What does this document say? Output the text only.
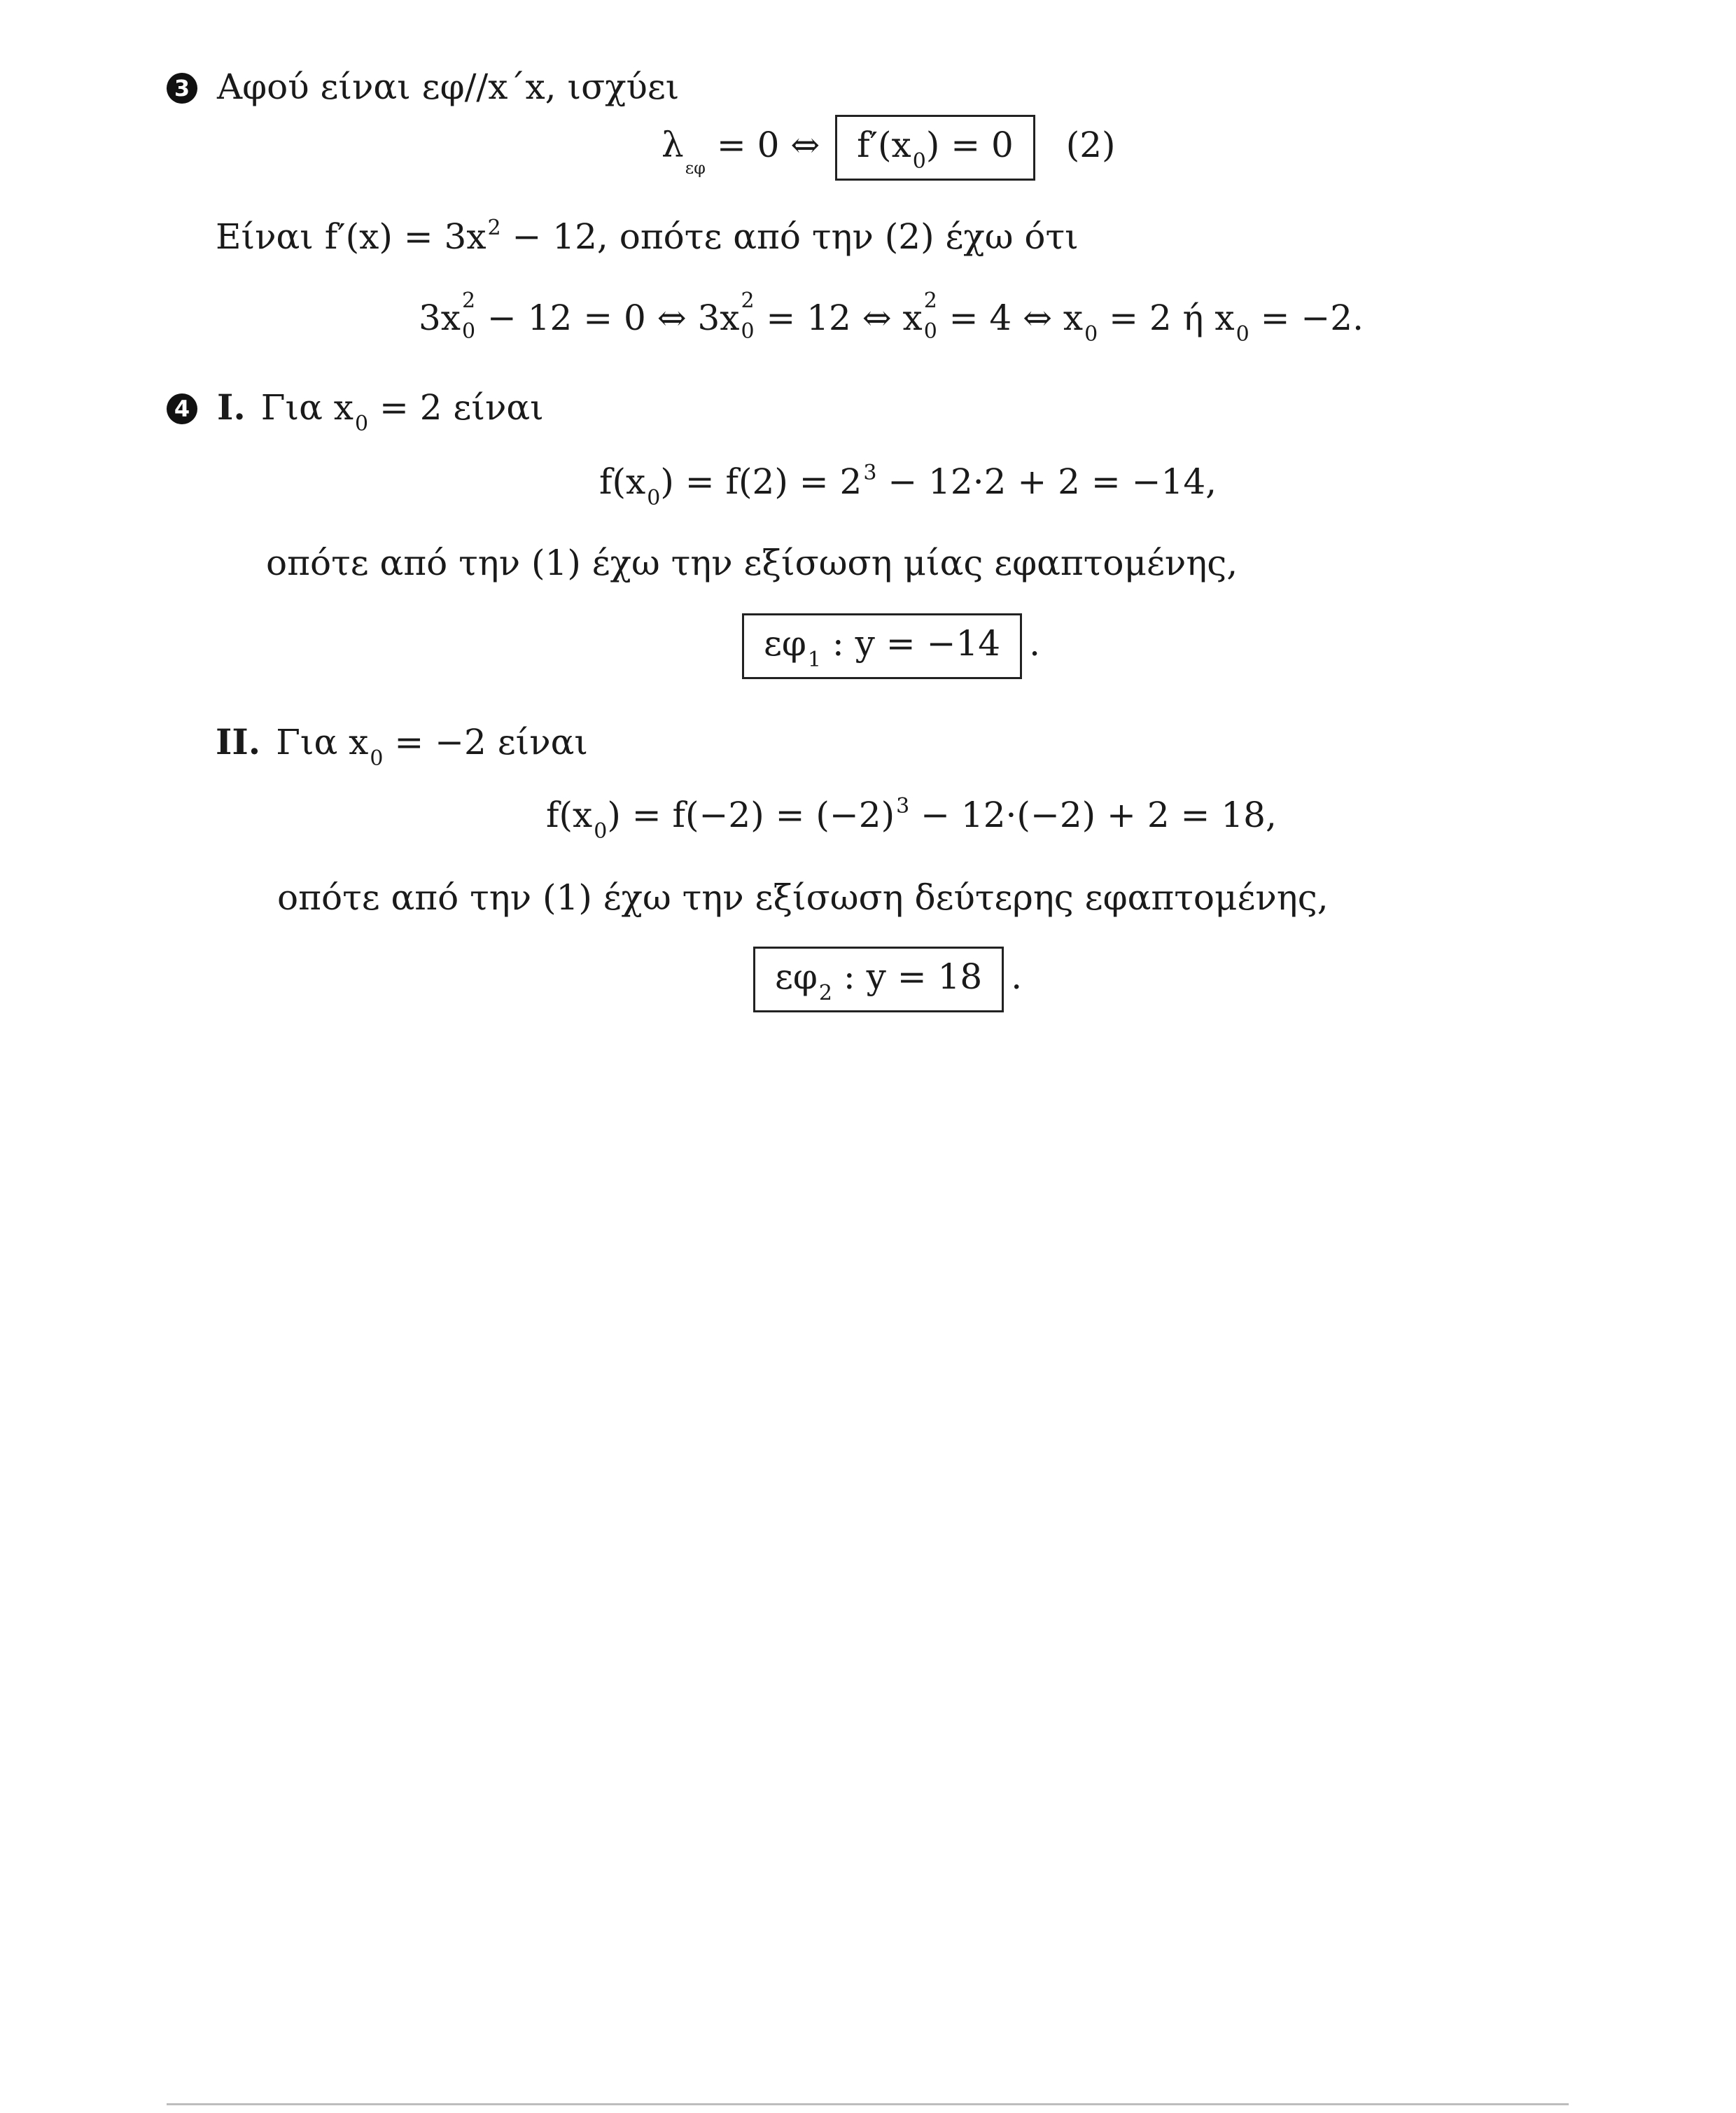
3 Αφού είναι εφ//x΄x, ισχύει
$\lambda_{\varepsilon\varphi} = 0$ ⇔ $f'(x_0) = 0$ (2)
Είναι $f'(x) = 3x^2 - 12$, οπότε από την (2) έχω ότι
3x 2
0 − 12 = 0 ⇔ 3x 2
0 = 12 ⇔ x 2
0 = 4 ⇔ $x_0 = 2$ ή $x_0 = -2$.
4 I. Για $x_0 = 2$ είναι
$f(x_0) = f(2) = 2^3 - 12\cdot 2 + 2 = -14$,
οπότε από την (1) έχω την εξίσωση μίας εφαπτομένης,
$\varepsilon\varphi_1$ : y = −14 .
II. Για $x_0 = -2$ είναι
$f(x_0) = f(-2) = (-2)^3 - 12\cdot(-2) + 2 = 18$,
οπότε από την (1) έχω την εξίσωση δεύτερης εφαπτομένης,
$\varepsilon\varphi_2$ : y = 18 .
